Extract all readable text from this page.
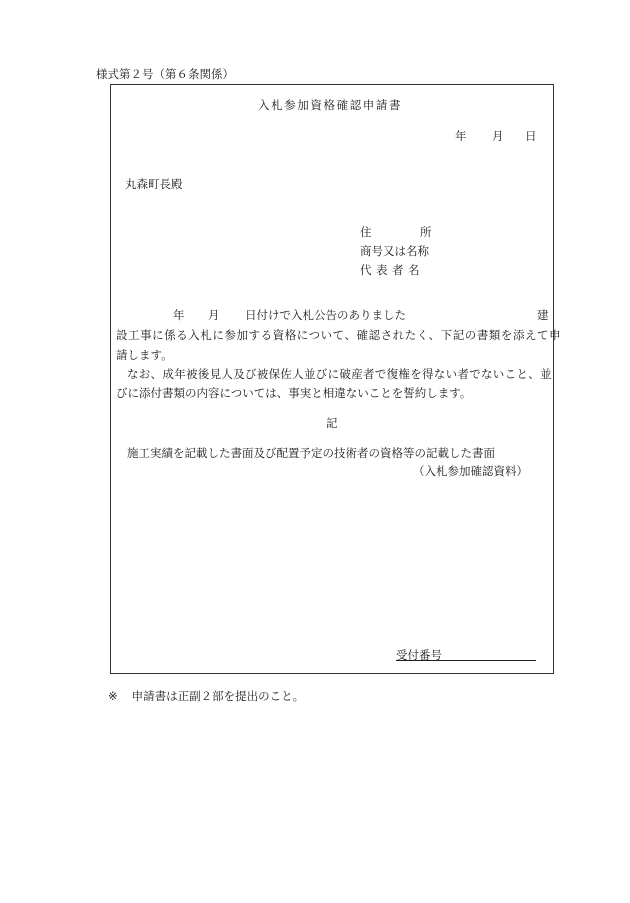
様式第２号（第６条関係）
入札参加資格確認申請書
年 月 日
丸森町長殿
住	所
商号又は名称
代表者名
年 月 日付けで入札公告のありました	建
設工事に係る入札に参加する資格について、確認されたく、下記の書類を添えて申
請します。
なお、成年被後見人及び被保佐人並びに破産者で復権を得ない者でないこと、並
びに添付書類の内容については、事実と相違ないことを誓約します。
記
施工実績を記載した書面及び配置予定の技術者の資格等の記載した書面
（入札参加確認資料）
受付番号
※ 申請書は正副２部を提出のこと。
